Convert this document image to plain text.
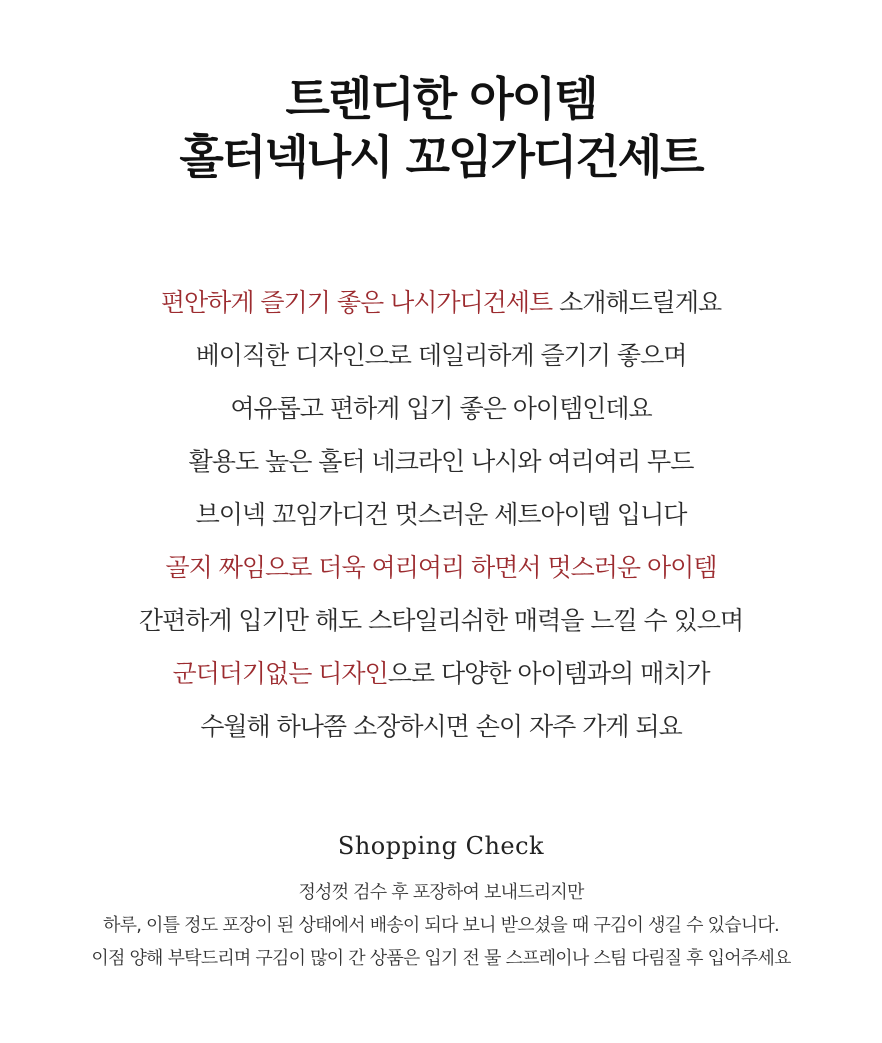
트렌디한 아이템
홀터넥나시 꼬임가디건세트
편안하게 즐기기 좋은 나시가디건세트 소개해드릴게요
베이직한 디자인으로 데일리하게 즐기기 좋으며
여유롭고 편하게 입기 좋은 아이템인데요
활용도 높은 홀터 네크라인 나시와 여리여리 무드
브이넥 꼬임가디건 멋스러운 세트아이템 입니다
골지 짜임으로 더욱 여리여리 하면서 멋스러운 아이템
간편하게 입기만 해도 스타일리쉬한 매력을 느낄 수 있으며
군더더기없는 디자인으로 다양한 아이템과의 매치가
수월해 하나쯤 소장하시면 손이 자주 가게 되요
Shopping Check
정성껏 검수 후 포장하여 보내드리지만
하루, 이틀 정도 포장이 된 상태에서 배송이 되다 보니 받으셨을 때 구김이 생길 수 있습니다.
이점 양해 부탁드리며 구김이 많이 간 상품은 입기 전 물 스프레이나 스팀 다림질 후 입어주세요
